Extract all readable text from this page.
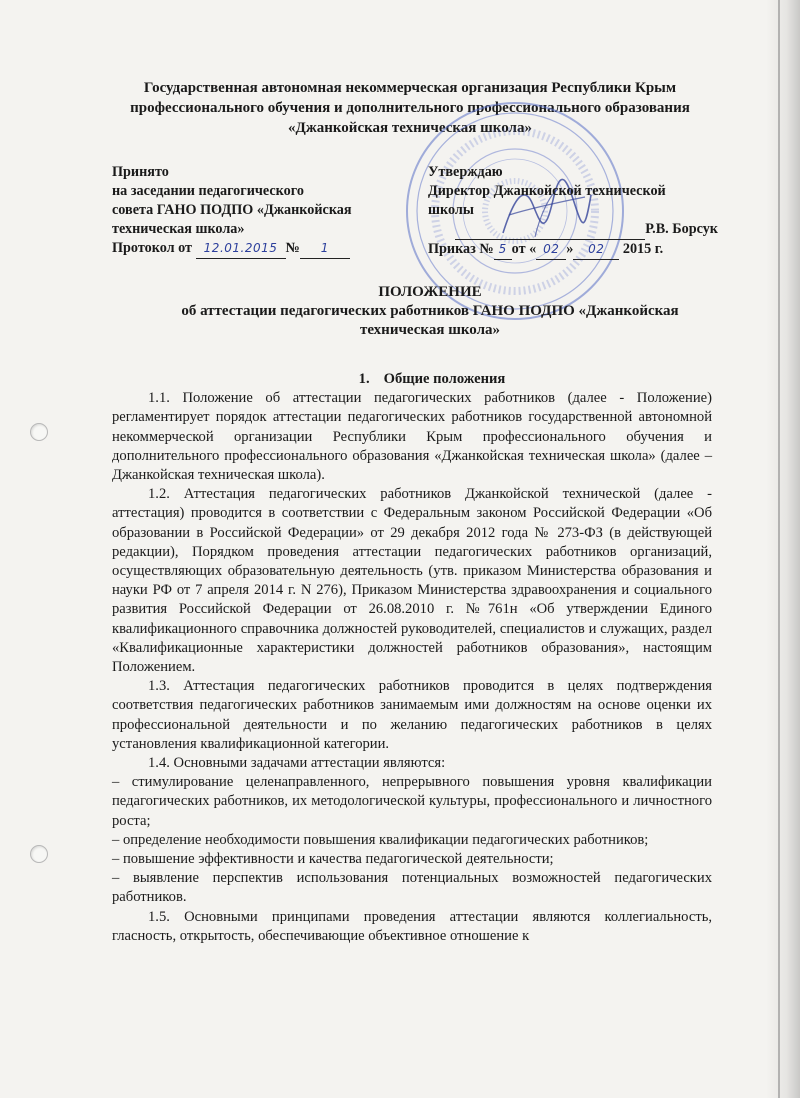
Государственная автономная некоммерческая организация Республики Крым
профессионального обучения и дополнительного профессионального образования
«Джанкойская техническая школа»
Принято
на заседании педагогического
совета ГАНО ПОДПО «Джанкойская
техническая школа»
Протокол от 12.01.2015 № 1
Утверждаю
Директор Джанкойской технической
школы
Р.В. Борсук
Приказ № 5 от « 02 » 02 2015 г.
ПОЛОЖЕНИЕ
об аттестации педагогических работников ГАНО ПОДПО «Джанкойская
техническая школа»
1. Общие положения

1.1. Положение об аттестации педагогических работников (далее - Положение) регламентирует порядок аттестации педагогических работников государственной автономной некоммерческой организации Республики Крым профессионального обучения и дополнительного профессионального образования «Джанкойская техническая школа» (далее – Джанкойская техническая школа).

1.2. Аттестация педагогических работников Джанкойской технической (далее - аттестация) проводится в соответствии с Федеральным законом Российской Федерации «Об образовании в Российской Федерации» от 29 декабря 2012 года № 273-ФЗ (в действующей редакции), Порядком проведения аттестации педагогических работников организаций, осуществляющих образовательную деятельность (утв. приказом Министерства образования и науки РФ от 7 апреля 2014 г. N 276), Приказом Министерства здравоохранения и социального развития Российской Федерации от 26.08.2010 г. №761н «Об утверждении Единого квалификационного справочника должностей руководителей, специалистов и служащих, раздел «Квалификационные характеристики должностей работников образования», настоящим Положением.

1.3. Аттестация педагогических работников проводится в целях подтверждения соответствия педагогических работников занимаемым ими должностям на основе оценки их профессиональной деятельности и по желанию педагогических работников в целях установления квалификационной категории.

1.4. Основными задачами аттестации являются:

– стимулирование целенаправленного, непрерывного повышения уровня квалификации педагогических работников, их методологической культуры, профессионального и личностного роста;

– определение необходимости повышения квалификации педагогических работников;

– повышение эффективности и качества педагогической деятельности;

– выявление перспектив использования потенциальных возможностей педагогических работников.

1.5. Основными принципами проведения аттестации являются коллегиальность, гласность, открытость, обеспечивающие объективное отношение к
